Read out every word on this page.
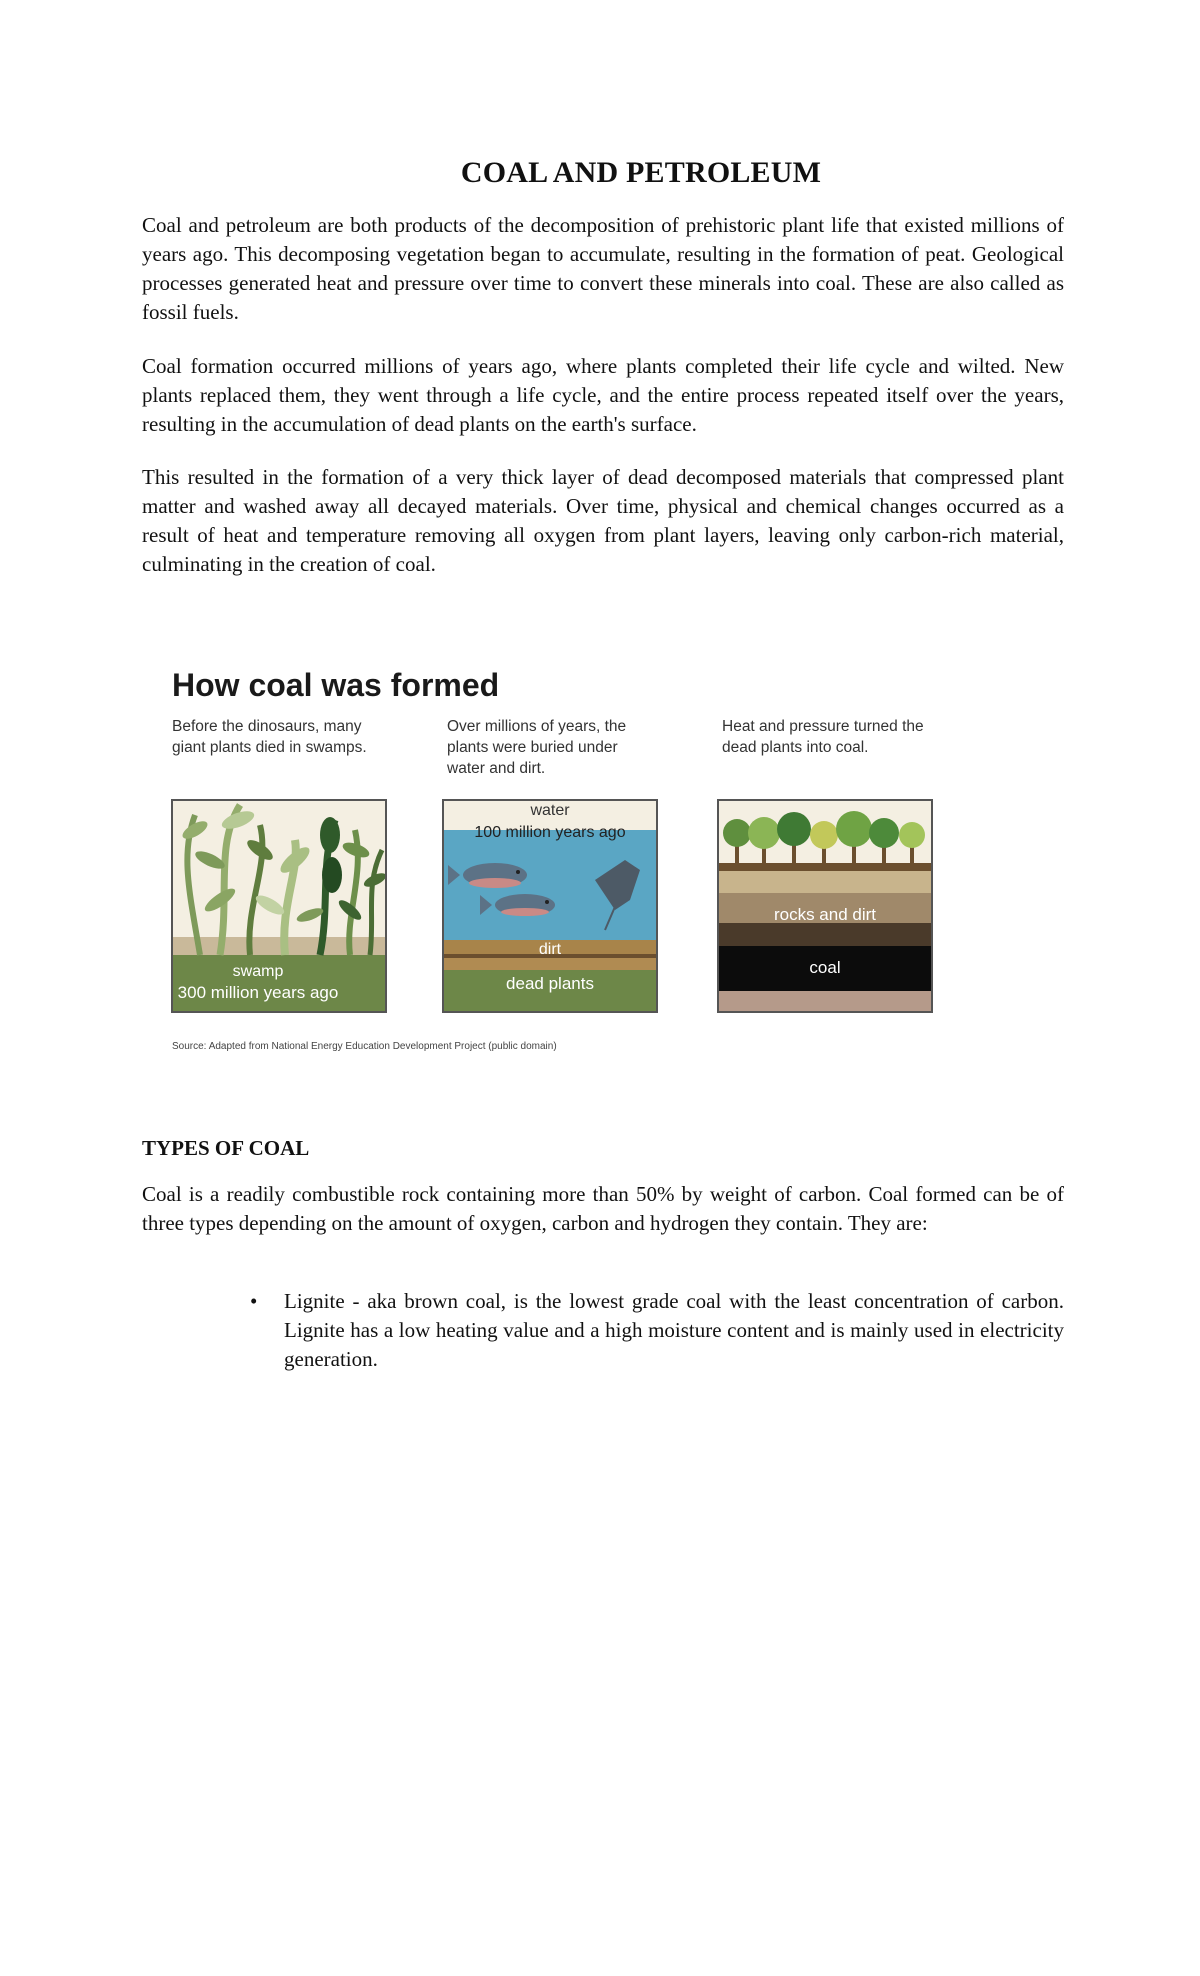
COAL AND PETROLEUM

Coal and petroleum are both products of the decomposition of prehistoric plant life that existed millions of years ago. This decomposing vegetation began to accumulate, resulting in the formation of peat. Geological processes generated heat and pressure over time to convert these minerals into coal. These are also called as fossil fuels.

Coal formation occurred millions of years ago, where plants completed their life cycle and wilted. New plants replaced them, they went through a life cycle, and the entire process repeated itself over the years, resulting in the accumulation of dead plants on the earth's surface.

This resulted in the formation of a very thick layer of dead decomposed materials that compressed plant matter and washed away all decayed materials. Over time, physical and chemical changes occurred as a result of heat and temperature removing all oxygen from plant layers, leaving only carbon-rich material, culminating in the creation of coal.

How coal was formed
Before the dinosaurs, many
giant plants died in swamps.
Over millions of years, the
plants were buried under
water and dirt.
Heat and pressure turned the
dead plants into coal.
swamp
300 million years ago
water
100 million years ago
dirt
dead plants
rocks and dirt
coal
Source: Adapted from National Energy Education Development Project (public domain)

TYPES OF COAL

Coal is a readily combustible rock containing more than 50% by weight of carbon. Coal formed can be of three types depending on the amount of oxygen, carbon and hydrogen they contain. They are:

• Lignite - aka brown coal, is the lowest grade coal with the least concentration of carbon. Lignite has a low heating value and a high moisture content and is mainly used in electricity generation.
